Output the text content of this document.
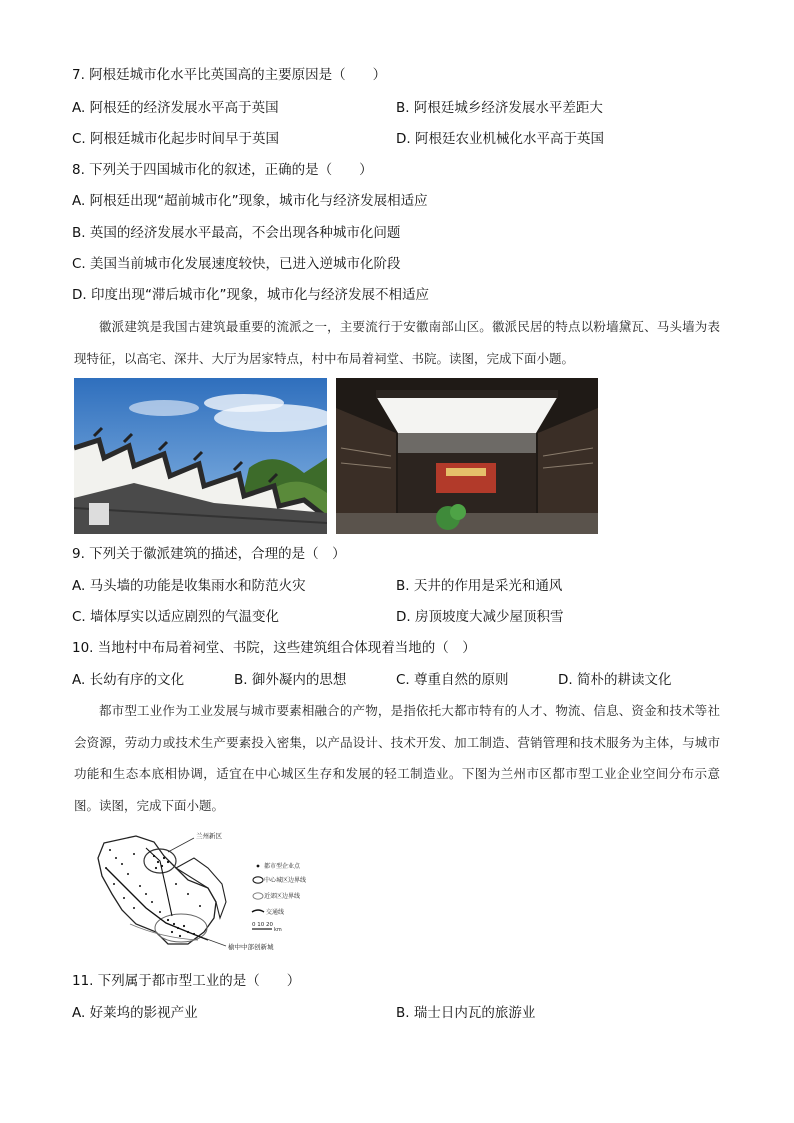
7. 阿根廷城市化水平比英国高的主要原因是（　　）
A. 阿根廷的经济发展水平高于英国	B. 阿根廷城乡经济发展水平差距大
C. 阿根廷城市化起步时间早于英国	D. 阿根廷农业机械化水平高于英国
8. 下列关于四国城市化的叙述，正确的是（　　）
A. 阿根廷出现“超前城市化”现象，城市化与经济发展相适应
B. 英国的经济发展水平最高，不会出现各种城市化问题
C. 美国当前城市化发展速度较快，已进入逆城市化阶段
D. 印度出现“滞后城市化”现象，城市化与经济发展不相适应
徽派建筑是我国古建筑最重要的流派之一，主要流行于安徽南部山区。徽派民居的特点以粉墙黛瓦、马头墙为表现特征，以高宅、深井、大厅为居家特点，村中布局着祠堂、书院。读图，完成下面小题。
9. 下列关于徽派建筑的描述，合理的是（　）
A. 马头墙的功能是收集雨水和防范火灾	B. 天井的作用是采光和通风
C. 墙体厚实以适应剧烈的气温变化	D. 房顶坡度大减少屋顶积雪
10. 当地村中布局着祠堂、书院，这些建筑组合体现着当地的（　）
A. 长幼有序的文化	B. 御外凝内的思想	C. 尊重自然的原则	D. 简朴的耕读文化
都市型工业作为工业发展与城市要素相融合的产物，是指依托大都市特有的人才、物流、信息、资金和技术等社会资源，劳动力或技术生产要素投入密集，以产品设计、技术开发、加工制造、营销管理和技术服务为主体，与城市功能和生态本底相协调，适宜在中心城区生存和发展的轻工制造业。下图为兰州市区都市型工业企业空间分布示意图。读图，完成下面小题。
兰州新区
榆中中部创新城
都市型企业点
中心城区边界线
近郊区边界线
交通线
0 10 20
km
11. 下列属于都市型工业的是（　　）
A. 好莱坞的影视产业	B. 瑞士日内瓦的旅游业
